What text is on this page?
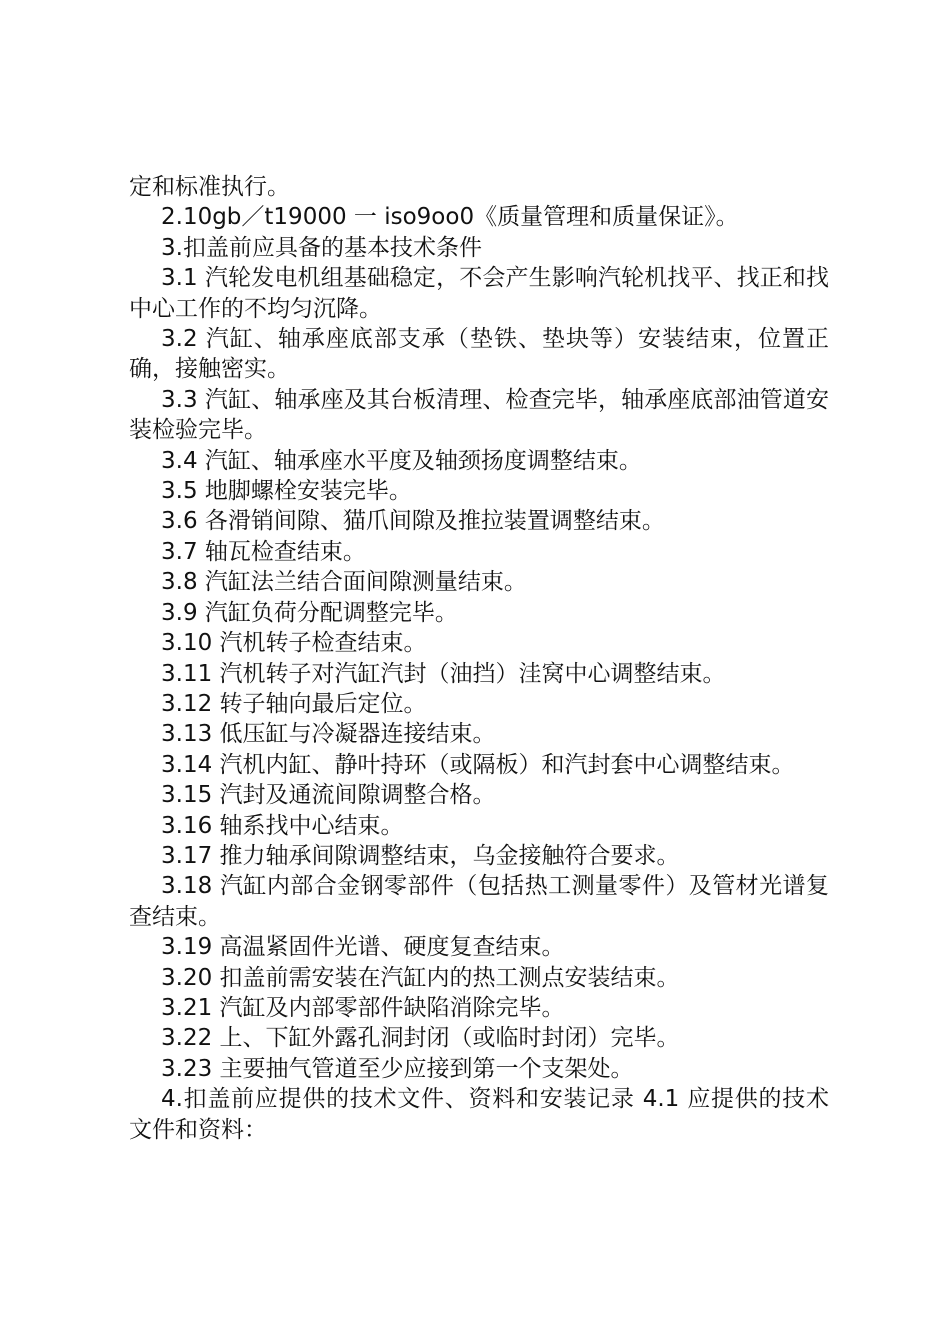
定和标准执行。

2.10gb／t19000 一 iso9oo0《质量管理和质量保证》。

3.扣盖前应具备的基本技术条件

3.1 汽轮发电机组基础稳定，不会产生影响汽轮机找平、找正和找中心工作的不均匀沉降。

3.2 汽缸、轴承座底部支承（垫铁、垫块等）安装结束，位置正确，接触密实。

3.3 汽缸、轴承座及其台板清理、检查完毕，轴承座底部油管道安装检验完毕。

3.4 汽缸、轴承座水平度及轴颈扬度调整结束。

3.5 地脚螺栓安装完毕。

3.6 各滑销间隙、猫爪间隙及推拉装置调整结束。

3.7 轴瓦检查结束。

3.8 汽缸法兰结合面间隙测量结束。

3.9 汽缸负荷分配调整完毕。

3.10 汽机转子检查结束。

3.11 汽机转子对汽缸汽封（油挡）洼窝中心调整结束。

3.12 转子轴向最后定位。

3.13 低压缸与冷凝器连接结束。

3.14 汽机内缸、静叶持环（或隔板）和汽封套中心调整结束。

3.15 汽封及通流间隙调整合格。

3.16 轴系找中心结束。

3.17 推力轴承间隙调整结束，乌金接触符合要求。

3.18 汽缸内部合金钢零部件（包括热工测量零件）及管材光谱复查结束。

3.19 高温紧固件光谱、硬度复查结束。

3.20 扣盖前需安装在汽缸内的热工测点安装结束。

3.21 汽缸及内部零部件缺陷消除完毕。

3.22 上、下缸外露孔洞封闭（或临时封闭）完毕。

3.23 主要抽气管道至少应接到第一个支架处。

4.扣盖前应提供的技术文件、资料和安装记录 4.1 应提供的技术文件和资料：
